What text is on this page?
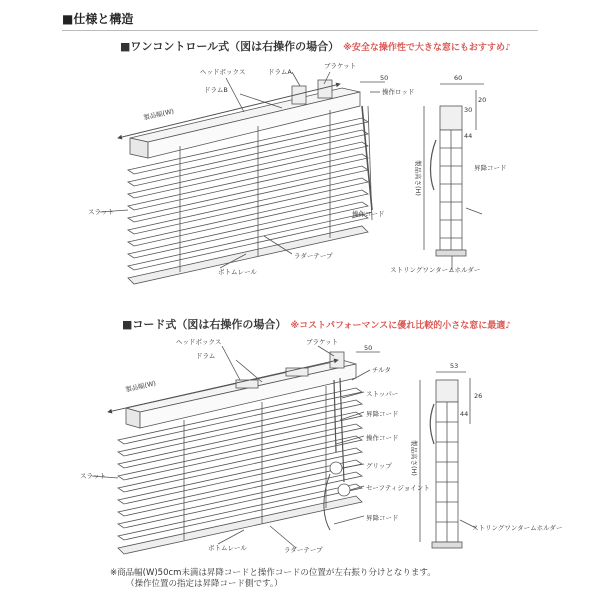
■仕様と構造
■ワンコントロール式（図は右操作の場合） ※安全な操作性で大きな窓にもおすすめ♪
■コード式（図は右操作の場合） ※コストパフォーマンスに優れ比較的小さな窓に最適♪
ヘッドボックス	ドラムA
ブラケット
ドラムB
製品幅(W)
50
操作ロッド
スラット
ボトムレール
ラダーテープ
操作コード
製品高さ(H)	昇降コード
ストリングワンタームホルダー
60
20
30
44
ヘッドボックス
ドラム
ブラケット
製品幅(W)
50
チルタ
ストッパー
昇降コード
操作コード
グリップ
セーフティジョイント
昇降コード
スラット
ボトムレール	ラダーテープ
製品高さ(H)
ストリングワンタームホルダー
53
26
44
※商品幅(W)50cm未満は昇降コードと操作コードの位置が左右振り分けとなります。
（操作位置の指定は昇降コード側です。）
